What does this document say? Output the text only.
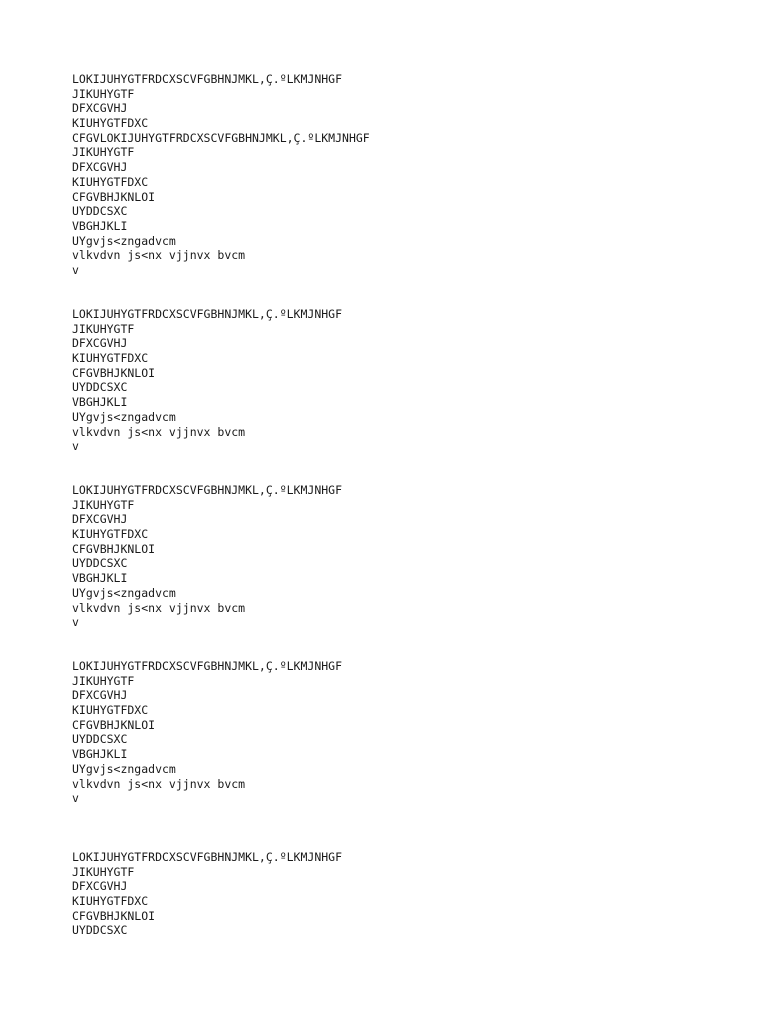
LOKIJUHYGTFRDCXSCVFGBHNJMKL,Ç.ºLKMJNHGF
JIKUHYGTF
DFXCGVHJ
KIUHYGTFDXC
CFGVLOKIJUHYGTFRDCXSCVFGBHNJMKL,Ç.ºLKMJNHGF
JIKUHYGTF
DFXCGVHJ
KIUHYGTFDXC
CFGVBHJKNLOI
UYDDCSXC
VBGHJKLI
UYgvjs<zngadvcm
vlkvdvn js<nx vjjnvx bvcm
v
LOKIJUHYGTFRDCXSCVFGBHNJMKL,Ç.ºLKMJNHGF
JIKUHYGTF
DFXCGVHJ
KIUHYGTFDXC
CFGVBHJKNLOI
UYDDCSXC
VBGHJKLI
UYgvjs<zngadvcm
vlkvdvn js<nx vjjnvx bvcm
v
LOKIJUHYGTFRDCXSCVFGBHNJMKL,Ç.ºLKMJNHGF
JIKUHYGTF
DFXCGVHJ
KIUHYGTFDXC
CFGVBHJKNLOI
UYDDCSXC
VBGHJKLI
UYgvjs<zngadvcm
vlkvdvn js<nx vjjnvx bvcm
v
LOKIJUHYGTFRDCXSCVFGBHNJMKL,Ç.ºLKMJNHGF
JIKUHYGTF
DFXCGVHJ
KIUHYGTFDXC
CFGVBHJKNLOI
UYDDCSXC
VBGHJKLI
UYgvjs<zngadvcm
vlkvdvn js<nx vjjnvx bvcm
v
LOKIJUHYGTFRDCXSCVFGBHNJMKL,Ç.ºLKMJNHGF
JIKUHYGTF
DFXCGVHJ
KIUHYGTFDXC
CFGVBHJKNLOI
UYDDCSXC
